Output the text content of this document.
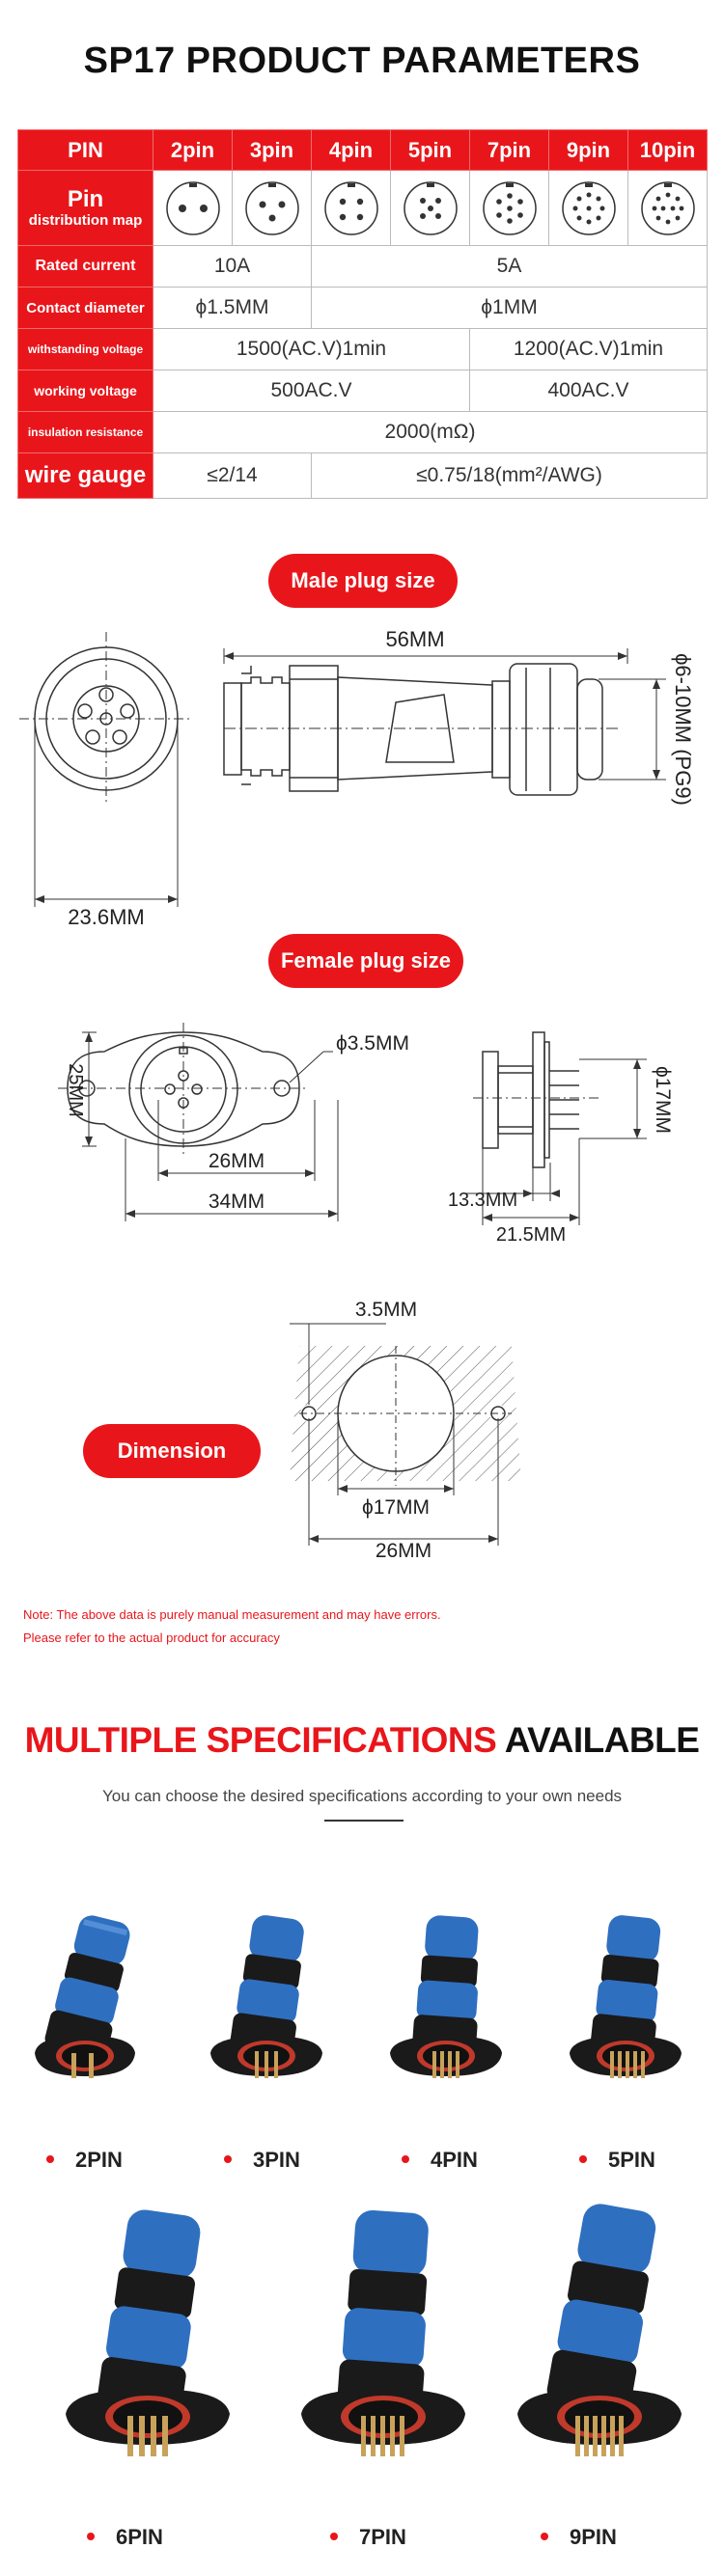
SP17 PRODUCT PARAMETERS
PIN	2pin	3pin	4pin	5pin	7pin	9pin	10pin

Pin
distribution map

Rated current	10A		5A				
Contact diameter	ϕ1.5MM		ϕ1MM				
withstanding voltage	1500(AC.V)1min				1200(AC.V)1min		
working voltage	500AC.V				400AC.V		
insulation resistance	2000(mΩ)						
wire gauge	≤2/14		≤0.75/18(mm²/AWG)				
Male plug size
23.6MM
56MM
ϕ6-10MM (PG9)
Female plug size
25MM
26MM
34MM
ϕ3.5MM
ϕ17MM
13.3MM
21.5MM
Dimension
3.5MM
ϕ17MM
26MM
Note: The above data is purely manual measurement and may have errors.
Please refer to the actual product for accuracy
MULTIPLE SPECIFICATIONS AVAILABLE
You can choose the desired specifications according to your own needs
2PIN	3PIN	4PIN	5PIN
6PIN	7PIN	9PIN
